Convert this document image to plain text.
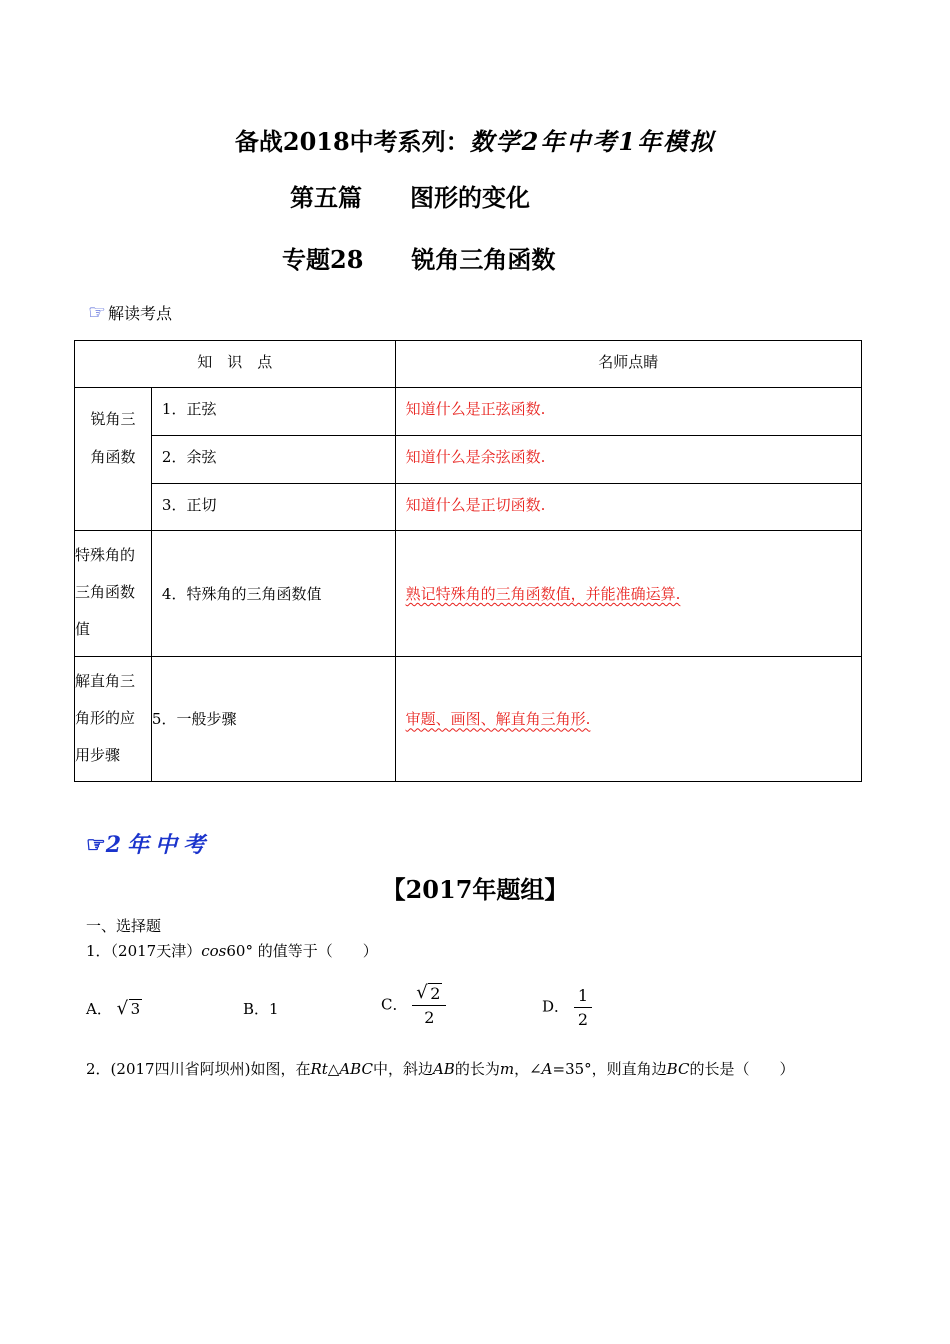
备战2018中考系列：数学2年中考1年模拟
第五篇 图形的变化
专题28 锐角三角函数
☞ 解读考点
知　识　点		名师点睛

锐角三
角函数	1．正弦	知道什么是正弦函数.
	2．余弦	知道什么是余弦函数.
	3．正切	知道什么是正切函数.

特殊角的
三角函数
值	4．特殊角的三角函数值	熟记特殊角的三角函数值，并能准确运算.

解直角三
角形的应
用步骤	5．一般步骤	审题、画图、解直角三角形.
☞2年中考
【2017年题组】
一、选择题
1．（2017天津）cos60° 的值等于（　　）
A． √ 3	B．1	C． √ $\frac{2}{2}$	D． $\frac{1}{2}$
2．(2017四川省阿坝州)如图，在Rt△ABC中，斜边AB的长为m，∠A=35°，则直角边BC的长是（　　）
